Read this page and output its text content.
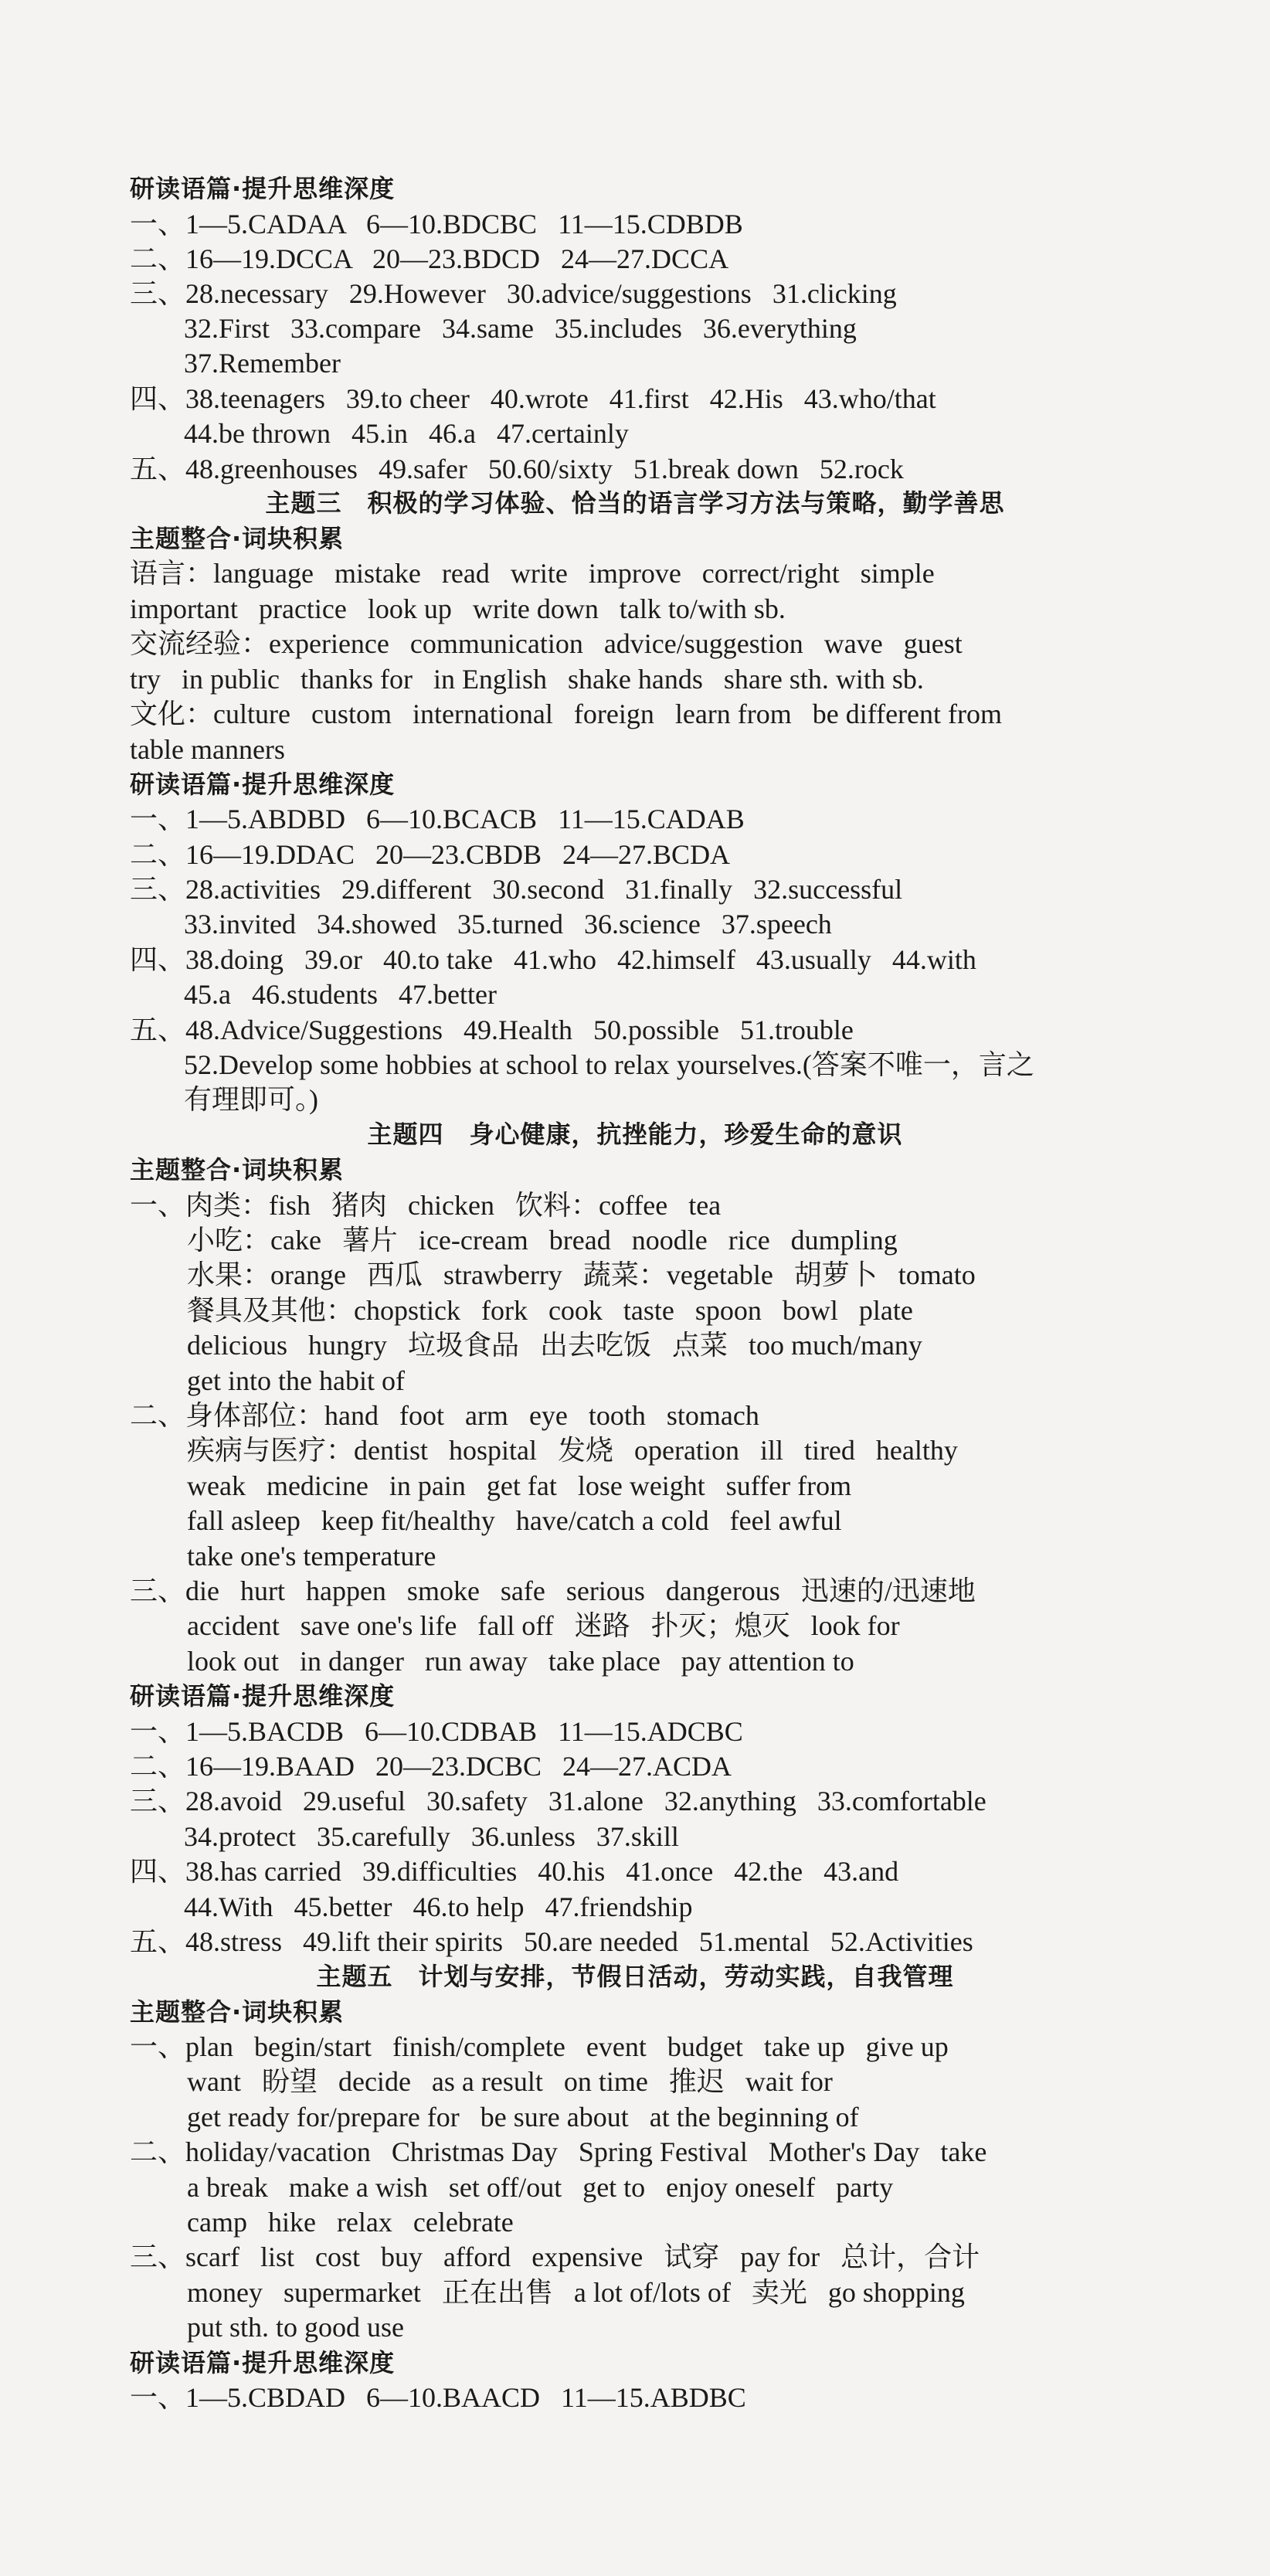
研读语篇·提升思维深度
一、1—5.CADAA   6—10.BDCBC   11—15.CDBDB
二、16—19.DCCA   20—23.BDCD   24—27.DCCA
三、28.necessary   29.However   30.advice/suggestions   31.clicking
32.First   33.compare   34.same   35.includes   36.everything
37.Remember
四、38.teenagers   39.to cheer   40.wrote   41.first   42.His   43.who/that
44.be thrown   45.in   46.a   47.certainly
五、48.greenhouses   49.safer   50.60/sixty   51.break down   52.rock
主题三　积极的学习体验、恰当的语言学习方法与策略，勤学善思
主题整合·词块积累
语言：language   mistake   read   write   improve   correct/right   simple
important   practice   look up   write down   talk to/with sb.
交流经验：experience   communication   advice/suggestion   wave   guest
try   in public   thanks for   in English   shake hands   share sth. with sb.
文化：culture   custom   international   foreign   learn from   be different from
table manners
研读语篇·提升思维深度
一、1—5.ABDBD   6—10.BCACB   11—15.CADAB
二、16—19.DDAC   20—23.CBDB   24—27.BCDA
三、28.activities   29.different   30.second   31.finally   32.successful
33.invited   34.showed   35.turned   36.science   37.speech
四、38.doing   39.or   40.to take   41.who   42.himself   43.usually   44.with
45.a   46.students   47.better
五、48.Advice/Suggestions   49.Health   50.possible   51.trouble
52.Develop some hobbies at school to relax yourselves.(答案不唯一，言之
有理即可。)
主题四　身心健康，抗挫能力，珍爱生命的意识
主题整合·词块积累
一、肉类：fish   猪肉   chicken   饮料：coffee   tea
小吃：cake   薯片   ice-cream   bread   noodle   rice   dumpling
水果：orange   西瓜   strawberry   蔬菜：vegetable   胡萝卜   tomato
餐具及其他：chopstick   fork   cook   taste   spoon   bowl   plate
delicious   hungry   垃圾食品   出去吃饭   点菜   too much/many
get into the habit of
二、身体部位：hand   foot   arm   eye   tooth   stomach
疾病与医疗：dentist   hospital   发烧   operation   ill   tired   healthy
weak   medicine   in pain   get fat   lose weight   suffer from
fall asleep   keep fit/healthy   have/catch a cold   feel awful
take one's temperature
三、die   hurt   happen   smoke   safe   serious   dangerous   迅速的/迅速地
accident   save one's life   fall off   迷路   扑灭；熄灭   look for
look out   in danger   run away   take place   pay attention to
研读语篇·提升思维深度
一、1—5.BACDB   6—10.CDBAB   11—15.ADCBC
二、16—19.BAAD   20—23.DCBC   24—27.ACDA
三、28.avoid   29.useful   30.safety   31.alone   32.anything   33.comfortable
34.protect   35.carefully   36.unless   37.skill
四、38.has carried   39.difficulties   40.his   41.once   42.the   43.and
44.With   45.better   46.to help   47.friendship
五、48.stress   49.lift their spirits   50.are needed   51.mental   52.Activities
主题五　计划与安排，节假日活动，劳动实践，自我管理
主题整合·词块积累
一、plan   begin/start   finish/complete   event   budget   take up   give up
want   盼望   decide   as a result   on time   推迟   wait for
get ready for/prepare for   be sure about   at the beginning of
二、holiday/vacation   Christmas Day   Spring Festival   Mother's Day   take
a break   make a wish   set off/out   get to   enjoy oneself   party
camp   hike   relax   celebrate
三、scarf   list   cost   buy   afford   expensive   试穿   pay for   总计，合计
money   supermarket   正在出售   a lot of/lots of   卖光   go shopping
put sth. to good use
研读语篇·提升思维深度
一、1—5.CBDAD   6—10.BAACD   11—15.ABDBC
